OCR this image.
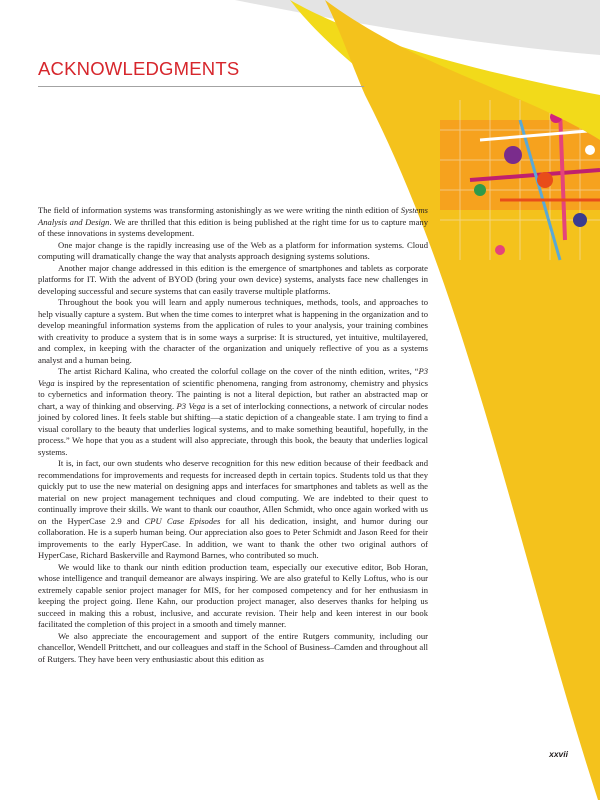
ACKNOWLEDGMENTS

The field of information systems was transforming astonishingly as we were writing the ninth edition of Systems Analysis and Design. We are thrilled that this edition is being published at the right time for us to capture many of these innovations in systems development.

One major change is the rapidly increasing use of the Web as a platform for information systems. Cloud computing will dramatically change the way that analysts approach designing systems solutions.

Another major change addressed in this edition is the emergence of smartphones and tablets as corporate platforms for IT. With the advent of BYOD (bring your own device) systems, analysts face new challenges in developing successful and secure systems that can easily traverse multiple platforms.

Throughout the book you will learn and apply numerous techniques, methods, tools, and approaches to help visually capture a system. But when the time comes to interpret what is happening in the organization and to develop meaningful information systems from the application of rules to your analysis, your training combines with creativity to produce a system that is in some ways a surprise: It is structured, yet intuitive, multilayered, and complex, in keeping with the character of the organization and uniquely reflective of you as a systems analyst and a human being.

The artist Richard Kalina, who created the colorful collage on the cover of the ninth edition, writes, “P3 Vega is inspired by the representation of scientific phenomena, ranging from astronomy, chemistry and physics to cybernetics and information theory. The painting is not a literal depiction, but rather an abstracted map or chart, a way of thinking and observing. P3 Vega is a set of interlocking connections, a network of circular nodes joined by colored lines. It feels stable but shifting—a static depiction of a changeable state. I am trying to find a visual corollary to the beauty that underlies logical systems, and to make something beautiful, hopefully, in the process.” We hope that you as a student will also appreciate, through this book, the beauty that underlies logical systems.

It is, in fact, our own students who deserve recognition for this new edition because of their feedback and recommendations for improvements and requests for increased depth in certain topics. Students told us that they quickly put to use the new material on designing apps and interfaces for smartphones and tablets as well as the material on new project management techniques and cloud computing. We are indebted to their quest to continually improve their skills. We want to thank our coauthor, Allen Schmidt, who once again worked with us on the HyperCase 2.9 and CPU Case Episodes for all his dedication, insight, and humor during our collaboration. He is a superb human being. Our appreciation also goes to Peter Schmidt and Jason Reed for their improvements to the early HyperCase. In addition, we want to thank the other two original authors of HyperCase, Richard Baskerville and Raymond Barnes, who contributed so much.

We would like to thank our ninth edition production team, especially our executive editor, Bob Horan, whose intelligence and tranquil demeanor are always inspiring. We are also grateful to Kelly Loftus, who is our extremely capable senior project manager for MIS, for her composed competency and for her enthusiasm in keeping the project going. Ilene Kahn, our production project manager, also deserves thanks for helping us succeed in making this a robust, inclusive, and accurate revision. Their help and keen interest in our book facilitated the completion of this project in a smooth and timely manner.

We also appreciate the encouragement and support of the entire Rutgers community, including our chancellor, Wendell Prittchett, and our colleagues and staff in the School of Business–Camden and throughout all of Rutgers. They have been very enthusiastic about this edition as

xxvii
